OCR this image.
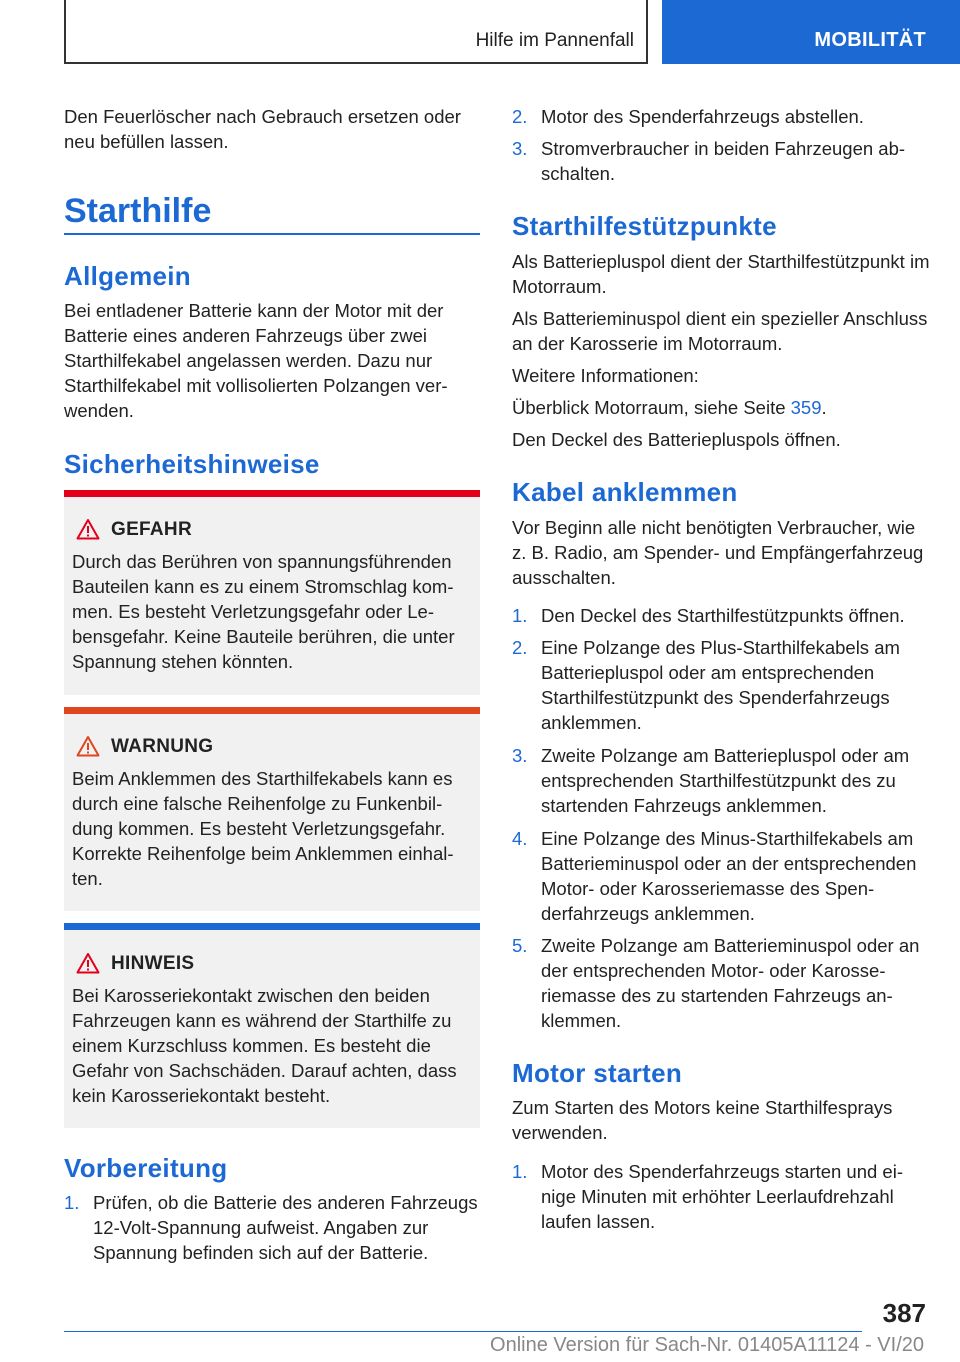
Hilfe im Pannenfall	MOBILITÄT
Den Feuerlöscher nach Gebrauch ersetzen oder neu befüllen lassen.
Starthilfe
Allgemein
Bei entladener Batterie kann der Motor mit der Batterie eines anderen Fahrzeugs über zwei Starthilfekabel angelassen werden. Dazu nur Starthilfekabel mit vollisolierten Polzangen verwenden.
Sicherheitshinweise
GEFAHR
Durch das Berühren von spannungsführenden Bauteilen kann es zu einem Stromschlag kommen. Es besteht Verletzungsgefahr oder Lebensgefahr. Keine Bauteile berühren, die unter Spannung stehen könnten.
WARNUNG
Beim Anklemmen des Starthilfekabels kann es durch eine falsche Reihenfolge zu Funkenbildung kommen. Es besteht Verletzungsgefahr. Korrekte Reihenfolge beim Anklemmen einhalten.
HINWEIS
Bei Karosseriekontakt zwischen den beiden Fahrzeugen kann es während der Starthilfe zu einem Kurzschluss kommen. Es besteht die Gefahr von Sachschäden. Darauf achten, dass kein Karosseriekontakt besteht.
Vorbereitung
1. Prüfen, ob die Batterie des anderen Fahrzeugs 12-Volt-Spannung aufweist. Angaben zur Spannung befinden sich auf der Batterie.
2. Motor des Spenderfahrzeugs abstellen.
3. Stromverbraucher in beiden Fahrzeugen abschalten.
Starthilfestützpunkte
Als Batteriepluspol dient der Starthilfestützpunkt im Motorraum.
Als Batterieminuspol dient ein spezieller Anschluss an der Karosserie im Motorraum.
Weitere Informationen:
Überblick Motorraum, siehe Seite 359.
Den Deckel des Batteriepluspols öffnen.
Kabel anklemmen
Vor Beginn alle nicht benötigten Verbraucher, wie z. B. Radio, am Spender- und Empfängerfahrzeug ausschalten.
1. Den Deckel des Starthilfestützpunkts öffnen.
2. Eine Polzange des Plus-Starthilfekabels am Batteriepluspol oder am entsprechenden Starthilfestützpunkt des Spenderfahrzeugs anklemmen.
3. Zweite Polzange am Batteriepluspol oder am entsprechenden Starthilfestützpunkt des zu startenden Fahrzeugs anklemmen.
4. Eine Polzange des Minus-Starthilfekabels am Batterieminuspol oder an der entsprechenden Motor- oder Karosseriemasse des Spenderfahrzeugs anklemmen.
5. Zweite Polzange am Batterieminuspol oder an der entsprechenden Motor- oder Karosseriemasse des zu startenden Fahrzeugs anklemmen.
Motor starten
Zum Starten des Motors keine Starthilfesprays verwenden.
1. Motor des Spenderfahrzeugs starten und einige Minuten mit erhöhter Leerlaufdrehzahl laufen lassen.
387
Online Version für Sach-Nr. 01405A11124 - VI/20
